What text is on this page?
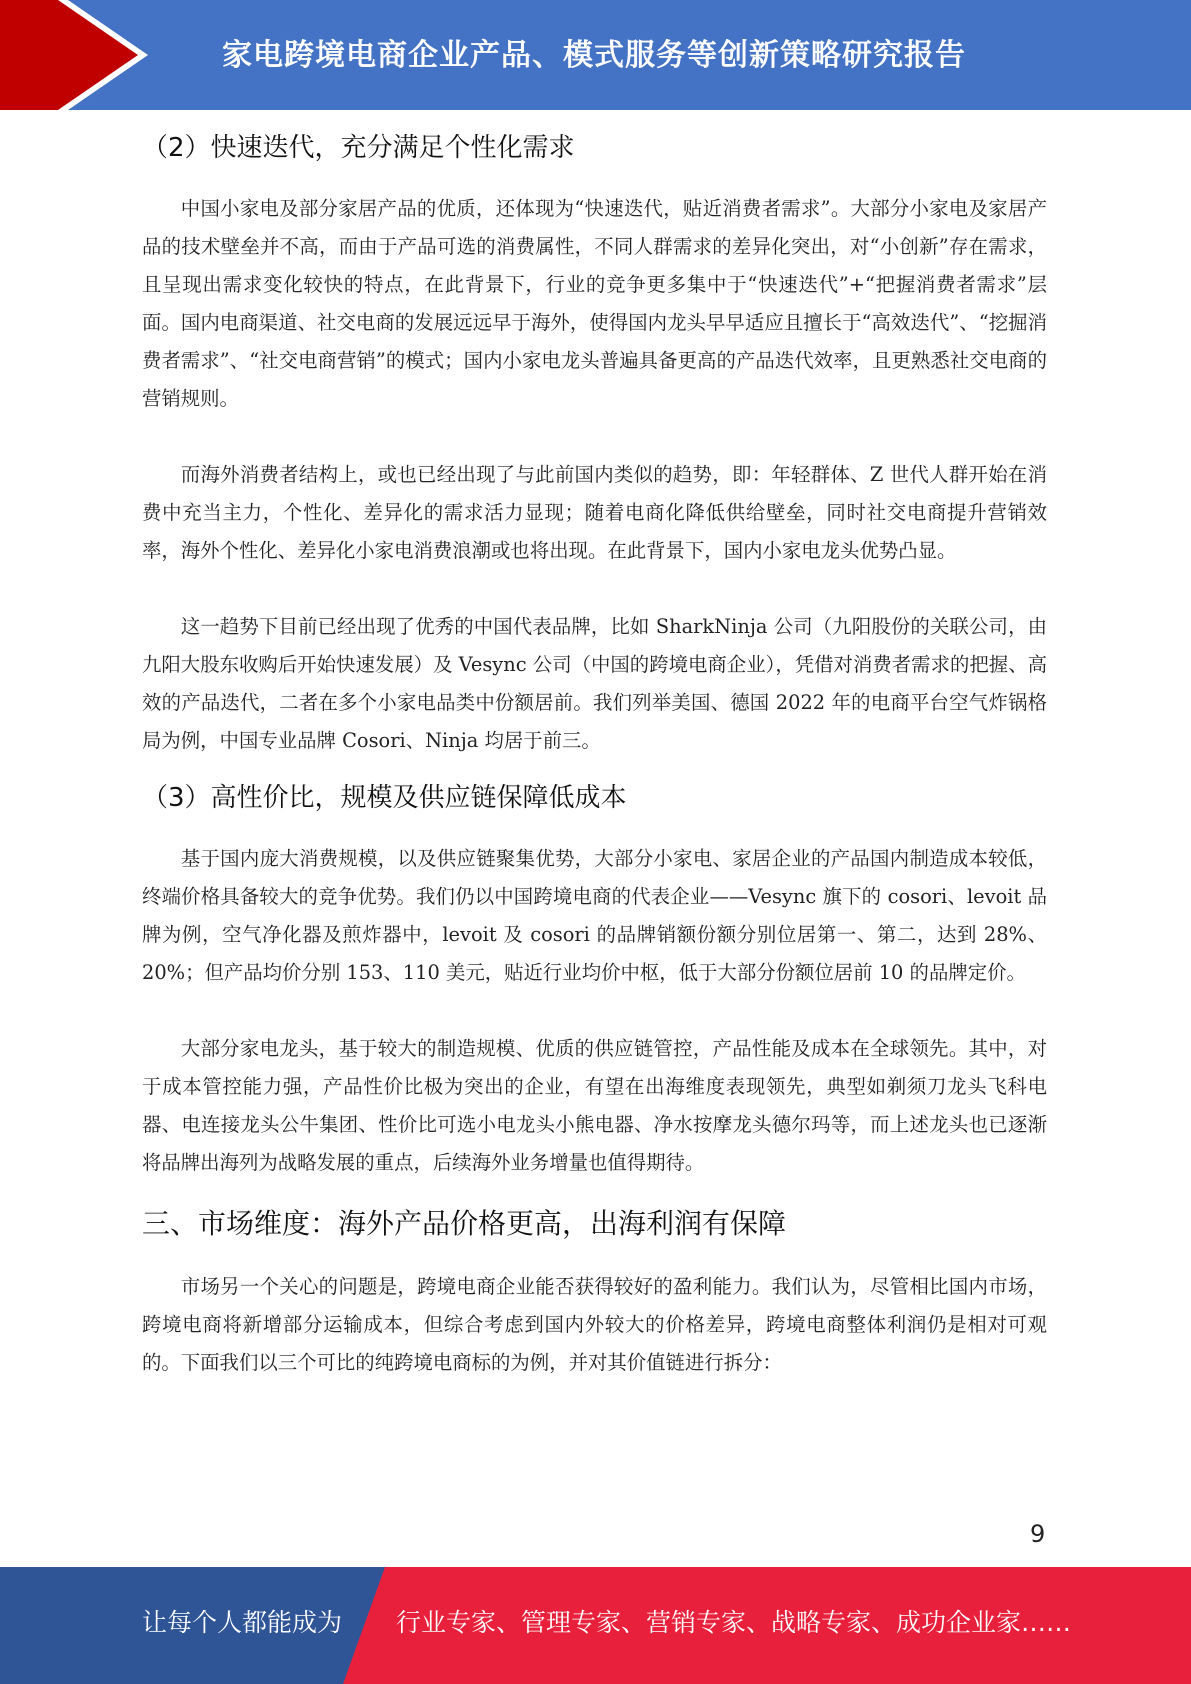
家电跨境电商企业产品、模式服务等创新策略研究报告
（2）快速迭代，充分满足个性化需求

中国小家电及部分家居产品的优质，还体现为“快速迭代，贴近消费者需求”。大部分小家电及家居产品的技术壁垒并不高，而由于产品可选的消费属性，不同人群需求的差异化突出，对“小创新”存在需求，且呈现出需求变化较快的特点，在此背景下，行业的竞争更多集中于“快速迭代”+“把握消费者需求”层面。国内电商渠道、社交电商的发展远远早于海外，使得国内龙头早早适应且擅长于“高效迭代”、“挖掘消费者需求”、“社交电商营销”的模式；国内小家电龙头普遍具备更高的产品迭代效率，且更熟悉社交电商的营销规则。

而海外消费者结构上，或也已经出现了与此前国内类似的趋势，即：年轻群体、Z 世代人群开始在消费中充当主力，个性化、差异化的需求活力显现；随着电商化降低供给壁垒，同时社交电商提升营销效率，海外个性化、差异化小家电消费浪潮或也将出现。在此背景下，国内小家电龙头优势凸显。

这一趋势下目前已经出现了优秀的中国代表品牌，比如 SharkNinja 公司（九阳股份的关联公司，由九阳大股东收购后开始快速发展）及 Vesync 公司（中国的跨境电商企业），凭借对消费者需求的把握、高效的产品迭代，二者在多个小家电品类中份额居前。我们列举美国、德国 2022 年的电商平台空气炸锅格局为例，中国专业品牌 Cosori、Ninja 均居于前三。

（3）高性价比，规模及供应链保障低成本

基于国内庞大消费规模，以及供应链聚集优势，大部分小家电、家居企业的产品国内制造成本较低，终端价格具备较大的竞争优势。我们仍以中国跨境电商的代表企业——Vesync 旗下的 cosori、levoit 品牌为例，空气净化器及煎炸器中，levoit 及 cosori 的品牌销额份额分别位居第一、第二，达到 28%、20%；但产品均价分别 153、110 美元，贴近行业均价中枢，低于大部分份额位居前 10 的品牌定价。

大部分家电龙头，基于较大的制造规模、优质的供应链管控，产品性能及成本在全球领先。其中，对于成本管控能力强，产品性价比极为突出的企业，有望在出海维度表现领先，典型如剃须刀龙头飞科电器、电连接龙头公牛集团、性价比可选小电龙头小熊电器、净水按摩龙头德尔玛等，而上述龙头也已逐渐将品牌出海列为战略发展的重点，后续海外业务增量也值得期待。

三、市场维度：海外产品价格更高，出海利润有保障

市场另一个关心的问题是，跨境电商企业能否获得较好的盈利能力。我们认为，尽管相比国内市场，跨境电商将新增部分运输成本，但综合考虑到国内外较大的价格差异，跨境电商整体利润仍是相对可观的。下面我们以三个可比的纯跨境电商标的为例，并对其价值链进行拆分：

9
让每个人都能成为 行业专家、管理专家、营销专家、战略专家、成功企业家……
